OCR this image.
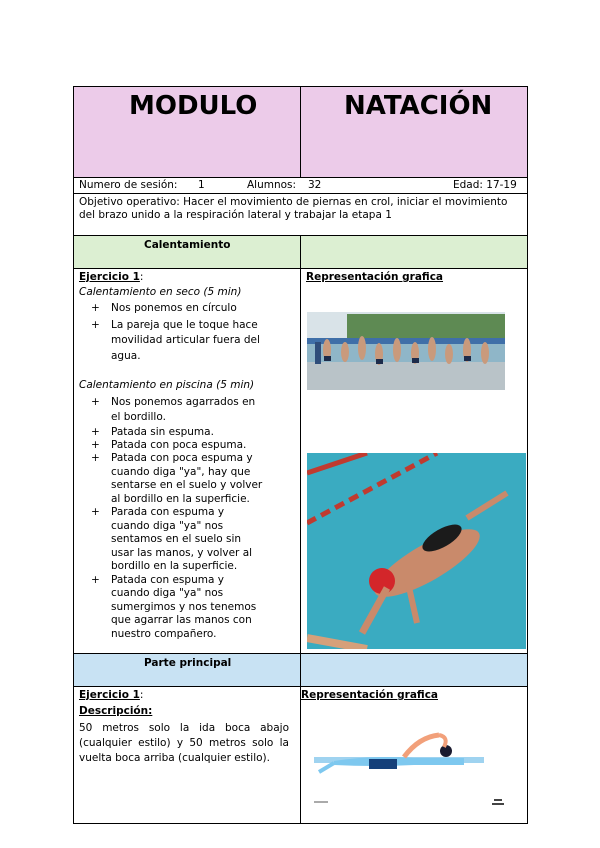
MODULO	NATACIÓN
Numero de sesión: 1	Alumnos: 32	Edad: 17-19
Objetivo operativo: Hacer el movimiento de piernas en crol, iniciar el movimiento del brazo unido a la respiración lateral y trabajar la etapa 1
Calentamiento
Ejercicio 1:
Calentamiento en seco (5 min)
+ Nos ponemos en círculo
+ La pareja que le toque hace movilidad articular fuera del agua.
Calentamiento en piscina (5 min)
+ Nos ponemos agarrados en el bordillo.
+ Patada sin espuma.
+ Patada con poca espuma.
+ Patada con poca espuma y cuando diga "ya", hay que sentarse en el suelo y volver al bordillo en la superficie.
+ Parada con espuma y cuando diga "ya" nos sentamos en el suelo sin usar las manos, y volver al bordillo en la superficie.
+ Patada con espuma y cuando diga "ya" nos sumergimos y nos tenemos que agarrar las manos con nuestro compañero.
Representación grafica
Parte principal
Ejercicio 1:
Descripción:
50 metros solo la ida boca abajo (cualquier estilo) y 50 metros solo la vuelta boca arriba (cualquier estilo).
Representación grafica
